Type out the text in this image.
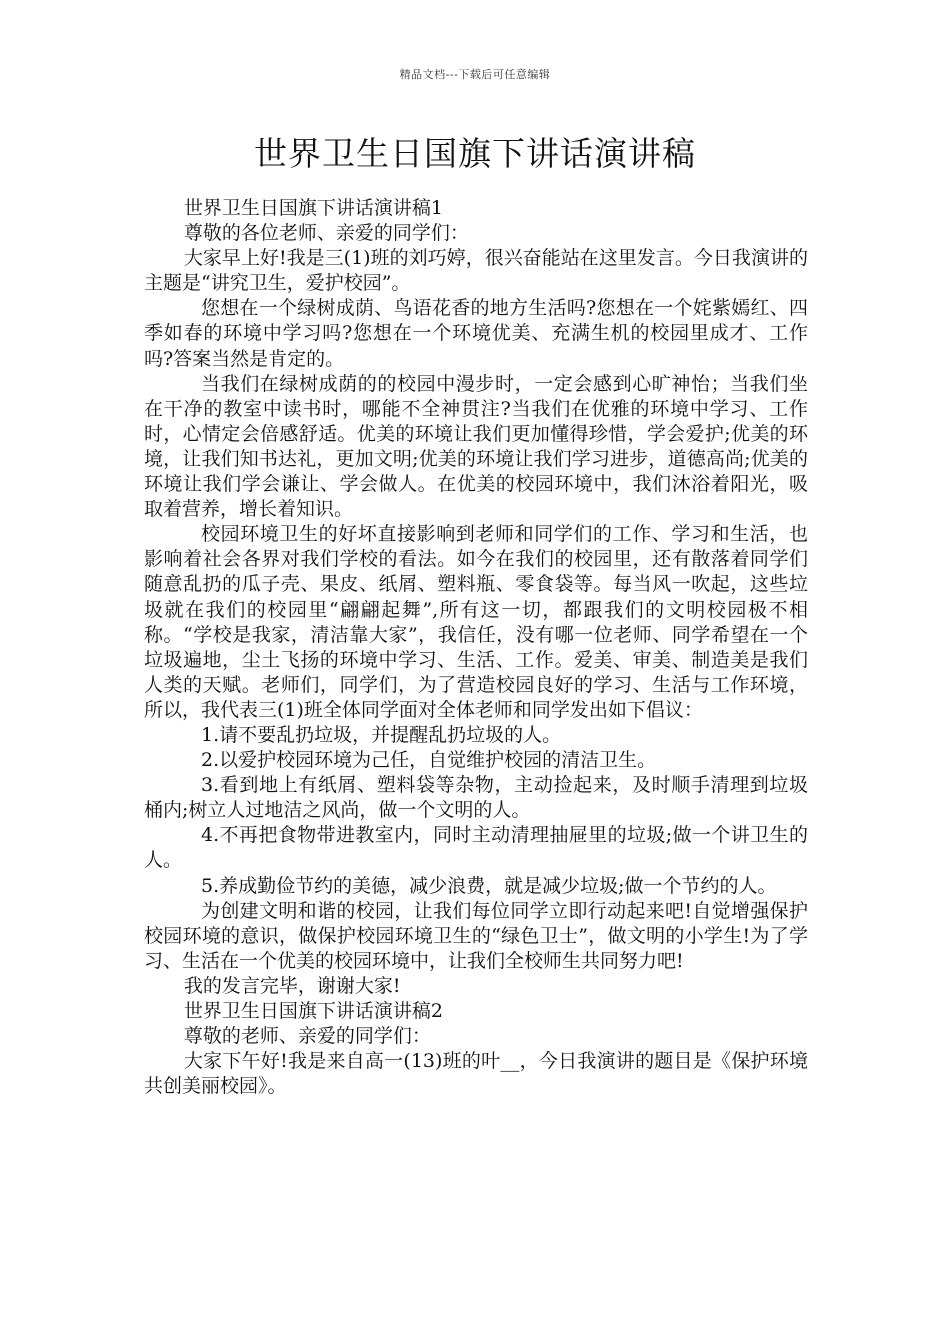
精品文档---下载后可任意编辑
世界卫生日国旗下讲话演讲稿

世界卫生日国旗下讲话演讲稿1

尊敬的各位老师、亲爱的同学们：

大家早上好!我是三(1)班的刘巧婷，很兴奋能站在这里发言。今日我演讲的主题是“讲究卫生，爱护校园”。

您想在一个绿树成荫、鸟语花香的地方生活吗?您想在一个姹紫嫣红、四季如春的环境中学习吗?您想在一个环境优美、充满生机的校园里成才、工作吗?答案当然是肯定的。

当我们在绿树成荫的的校园中漫步时，一定会感到心旷神怡；当我们坐在干净的教室中读书时，哪能不全神贯注?当我们在优雅的环境中学习、工作时，心情定会倍感舒适。优美的环境让我们更加懂得珍惜，学会爱护;优美的环境，让我们知书达礼，更加文明;优美的环境让我们学习进步，道德高尚;优美的环境让我们学会谦让、学会做人。在优美的校园环境中，我们沐浴着阳光，吸取着营养，增长着知识。

校园环境卫生的好坏直接影响到老师和同学们的工作、学习和生活，也影响着社会各界对我们学校的看法。如今在我们的校园里，还有散落着同学们随意乱扔的瓜子壳、果皮、纸屑、塑料瓶、零食袋等。每当风一吹起，这些垃圾就在我们的校园里“翩翩起舞”,所有这一切，都跟我们的文明校园极不相称。“学校是我家，清洁靠大家”，我信任，没有哪一位老师、同学希望在一个垃圾遍地，尘土飞扬的环境中学习、生活、工作。爱美、审美、制造美是我们人类的天赋。老师们，同学们，为了营造校园良好的学习、生活与工作环境，所以，我代表三(1)班全体同学面对全体老师和同学发出如下倡议：

1.请不要乱扔垃圾，并提醒乱扔垃圾的人。

2.以爱护校园环境为己任，自觉维护校园的清洁卫生。

3.看到地上有纸屑、塑料袋等杂物，主动捡起来，及时顺手清理到垃圾桶内;树立人过地洁之风尚，做一个文明的人。

4.不再把食物带进教室内，同时主动清理抽屉里的垃圾;做一个讲卫生的人。

5.养成勤俭节约的美德，减少浪费，就是减少垃圾;做一个节约的人。

为创建文明和谐的校园，让我们每位同学立即行动起来吧!自觉增强保护校园环境的意识，做保护校园环境卫生的“绿色卫士”，做文明的小学生!为了学习、生活在一个优美的校园环境中，让我们全校师生共同努力吧!

我的发言完毕，谢谢大家!

世界卫生日国旗下讲话演讲稿2

尊敬的老师、亲爱的同学们：

大家下午好!我是来自高一(13)班的叶__，今日我演讲的题目是《保护环境共创美丽校园》。
